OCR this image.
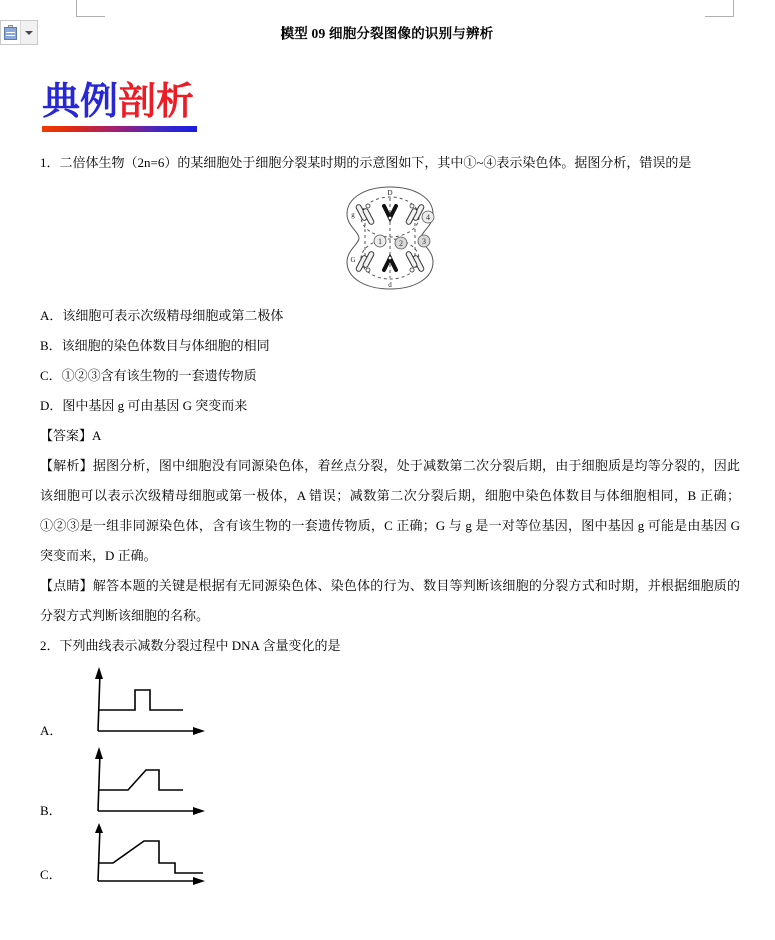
模型 09 细胞分裂图像的识别与辨析
典例剖析

1．二倍体生物（2n=6）的某细胞处于细胞分裂某时期的示意图如下，其中①~④表示染色体。据图分析，错误的是

D
d
g
G
1 2 3
4

A．该细胞可表示次级精母细胞或第二极体

B．该细胞的染色体数目与体细胞的相同

C．①②③含有该生物的一套遗传物质

D．图中基因 g 可由基因 G 突变而来

【答案】A

【解析】据图分析，图中细胞没有同源染色体，着丝点分裂，处于减数第二次分裂后期，由于细胞质是均等分裂的，因此该细胞可以表示次级精母细胞或第一极体，A 错误；减数第二次分裂后期，细胞中染色体数目与体细胞相同，B 正确；①②③是一组非同源染色体，含有该生物的一套遗传物质，C 正确；G 与 g 是一对等位基因，图中基因 g 可能是由基因 G 突变而来，D 正确。

【点睛】解答本题的关键是根据有无同源染色体、染色体的行为、数目等判断该细胞的分裂方式和时期，并根据细胞质的分裂方式判断该细胞的名称。

2．下列曲线表示减数分裂过程中 DNA 含量变化的是

A．
B．
C．
